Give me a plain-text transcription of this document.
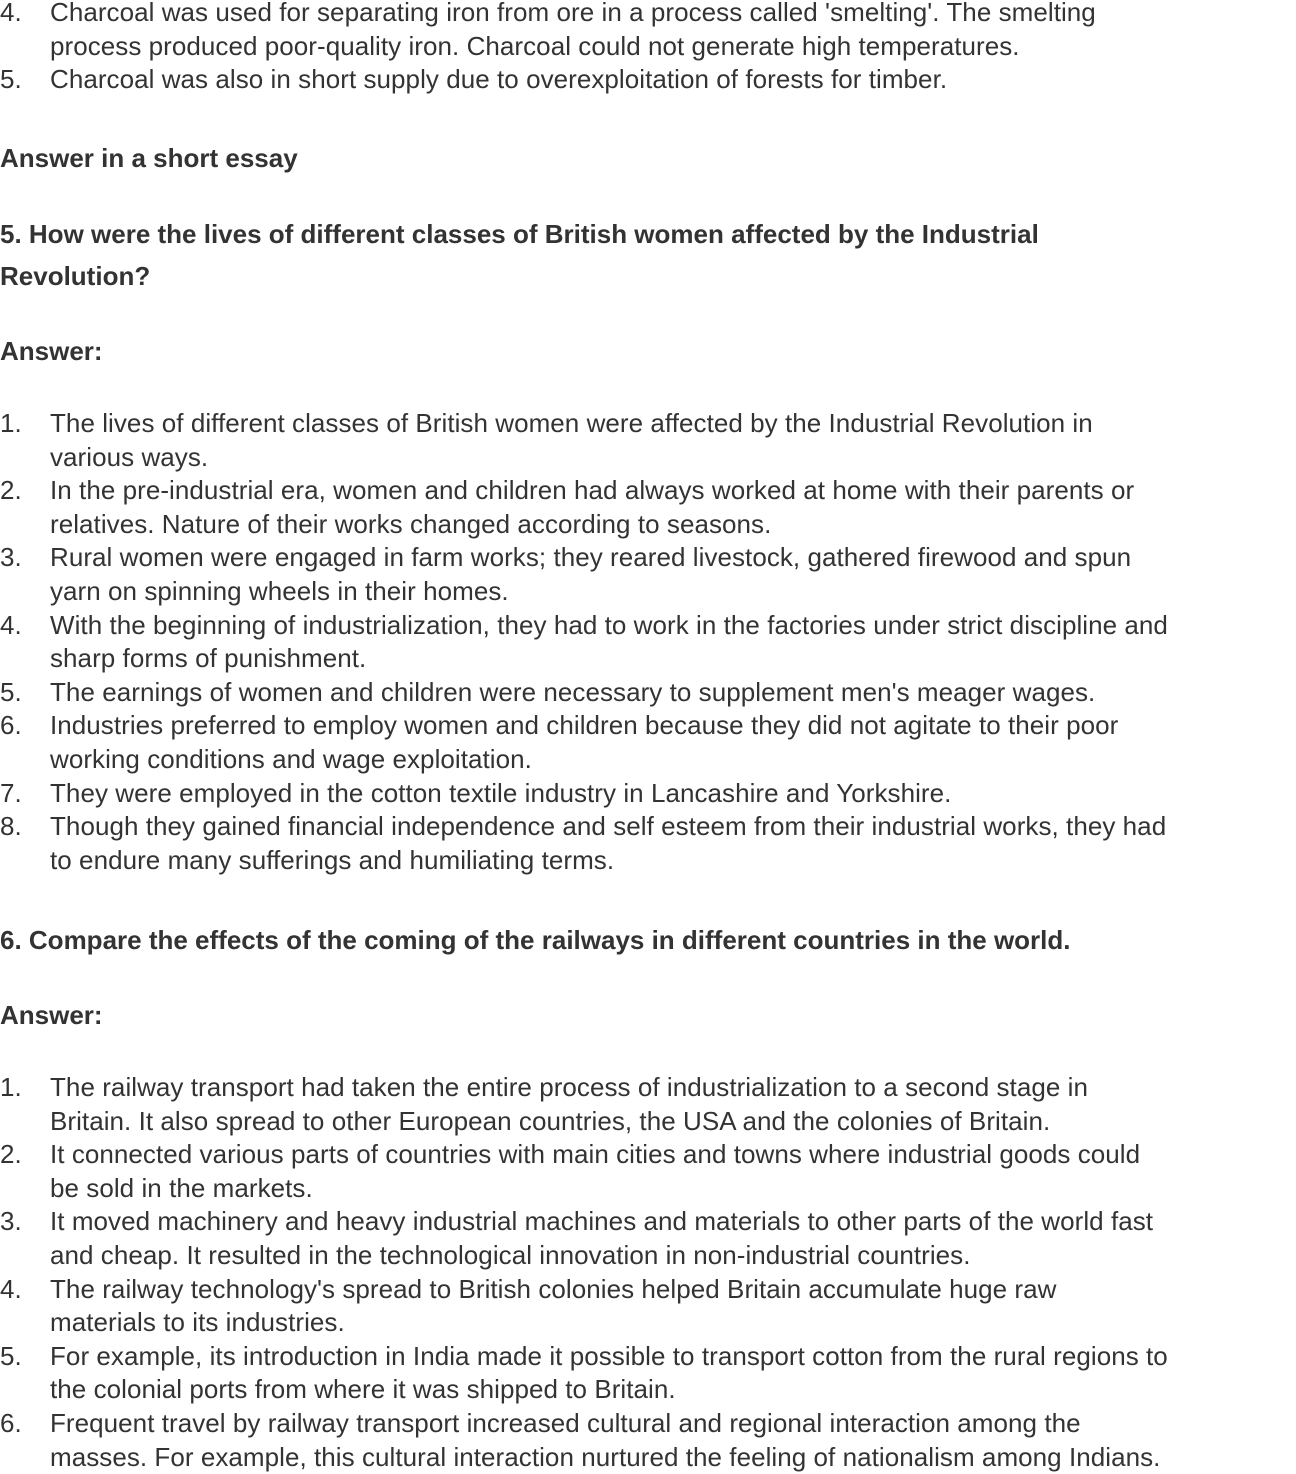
4. Charcoal was used for separating iron from ore in a process called 'smelting'. The smelting
process produced poor-quality iron. Charcoal could not generate high temperatures.
5. Charcoal was also in short supply due to overexploitation of forests for timber.
Answer in a short essay
5. How were the lives of different classes of British women affected by the Industrial
Revolution?
Answer:
1. The lives of different classes of British women were affected by the Industrial Revolution in
various ways.
2. In the pre-industrial era, women and children had always worked at home with their parents or
relatives. Nature of their works changed according to seasons.
3. Rural women were engaged in farm works; they reared livestock, gathered firewood and spun
yarn on spinning wheels in their homes.
4. With the beginning of industrialization, they had to work in the factories under strict discipline and
sharp forms of punishment.
5. The earnings of women and children were necessary to supplement men's meager wages.
6. Industries preferred to employ women and children because they did not agitate to their poor
working conditions and wage exploitation.
7. They were employed in the cotton textile industry in Lancashire and Yorkshire.
8. Though they gained financial independence and self esteem from their industrial works, they had
to endure many sufferings and humiliating terms.
6. Compare the effects of the coming of the railways in different countries in the world.
Answer:
1. The railway transport had taken the entire process of industrialization to a second stage in
Britain. It also spread to other European countries, the USA and the colonies of Britain.
2. It connected various parts of countries with main cities and towns where industrial goods could
be sold in the markets.
3. It moved machinery and heavy industrial machines and materials to other parts of the world fast
and cheap. It resulted in the technological innovation in non-industrial countries.
4. The railway technology's spread to British colonies helped Britain accumulate huge raw
materials to its industries.
5. For example, its introduction in India made it possible to transport cotton from the rural regions to
the colonial ports from where it was shipped to Britain.
6. Frequent travel by railway transport increased cultural and regional interaction among the
masses. For example, this cultural interaction nurtured the feeling of nationalism among Indians.
